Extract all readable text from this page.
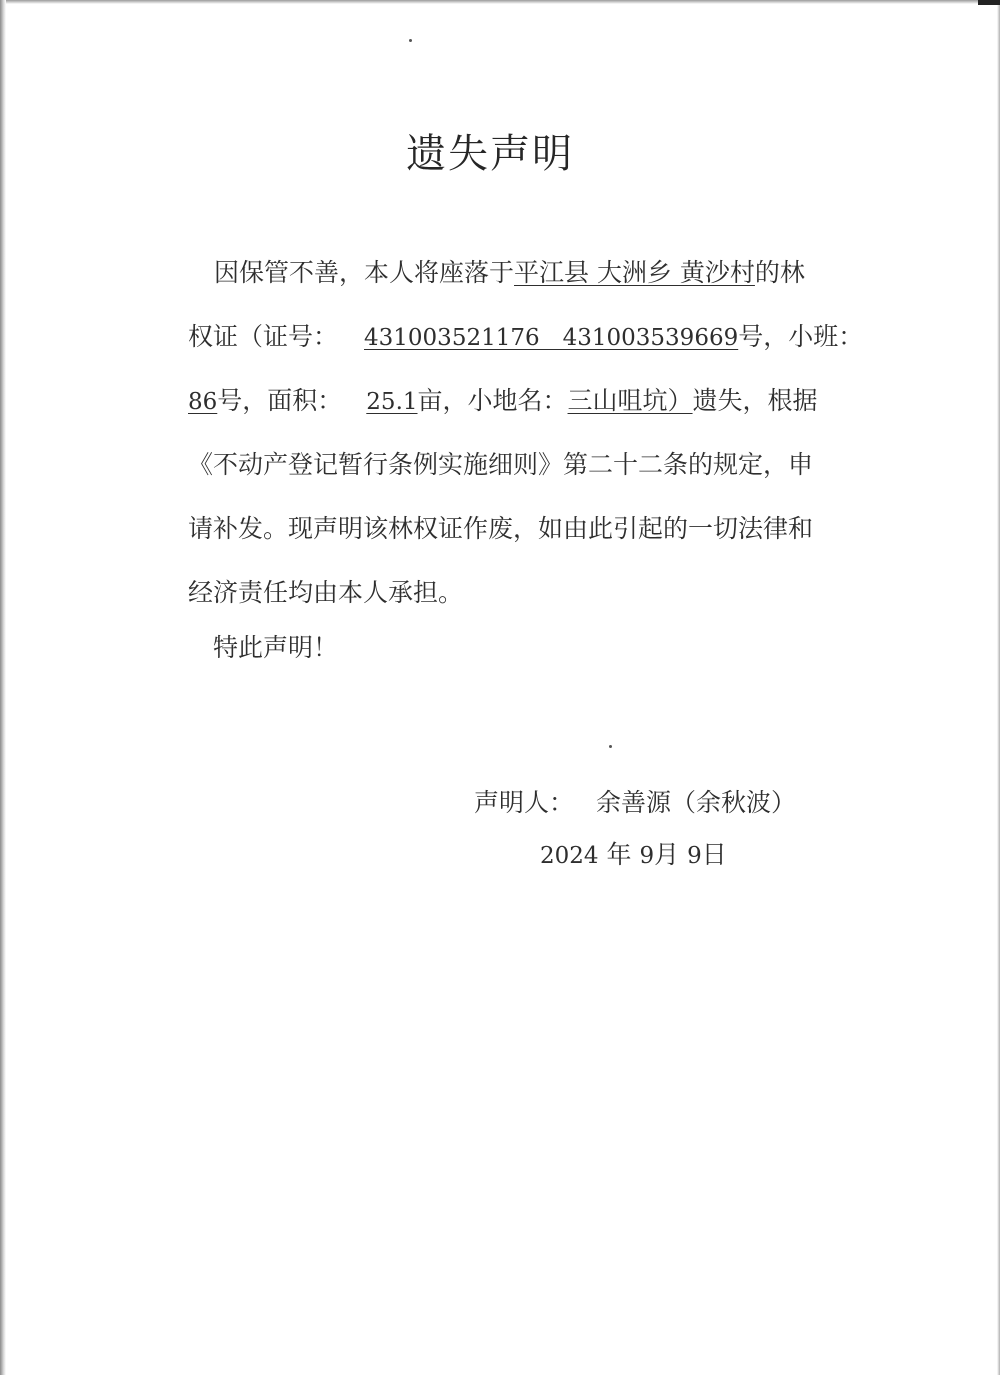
遗失声明
因保管不善，本人将座落于平江县 大洲乡 黄沙村的林
权证（证号： 431003521176　431003539669号，小班：
86号，面积： 25.1亩，小地名：三山咀坑）遗失，根据
《不动产登记暂行条例实施细则》第二十二条的规定，申
请补发。现声明该林权证作废，如由此引起的一切法律和
经济责任均由本人承担。
特此声明！
声明人： 余善源（余秋波）
2024 年 9月 9日
